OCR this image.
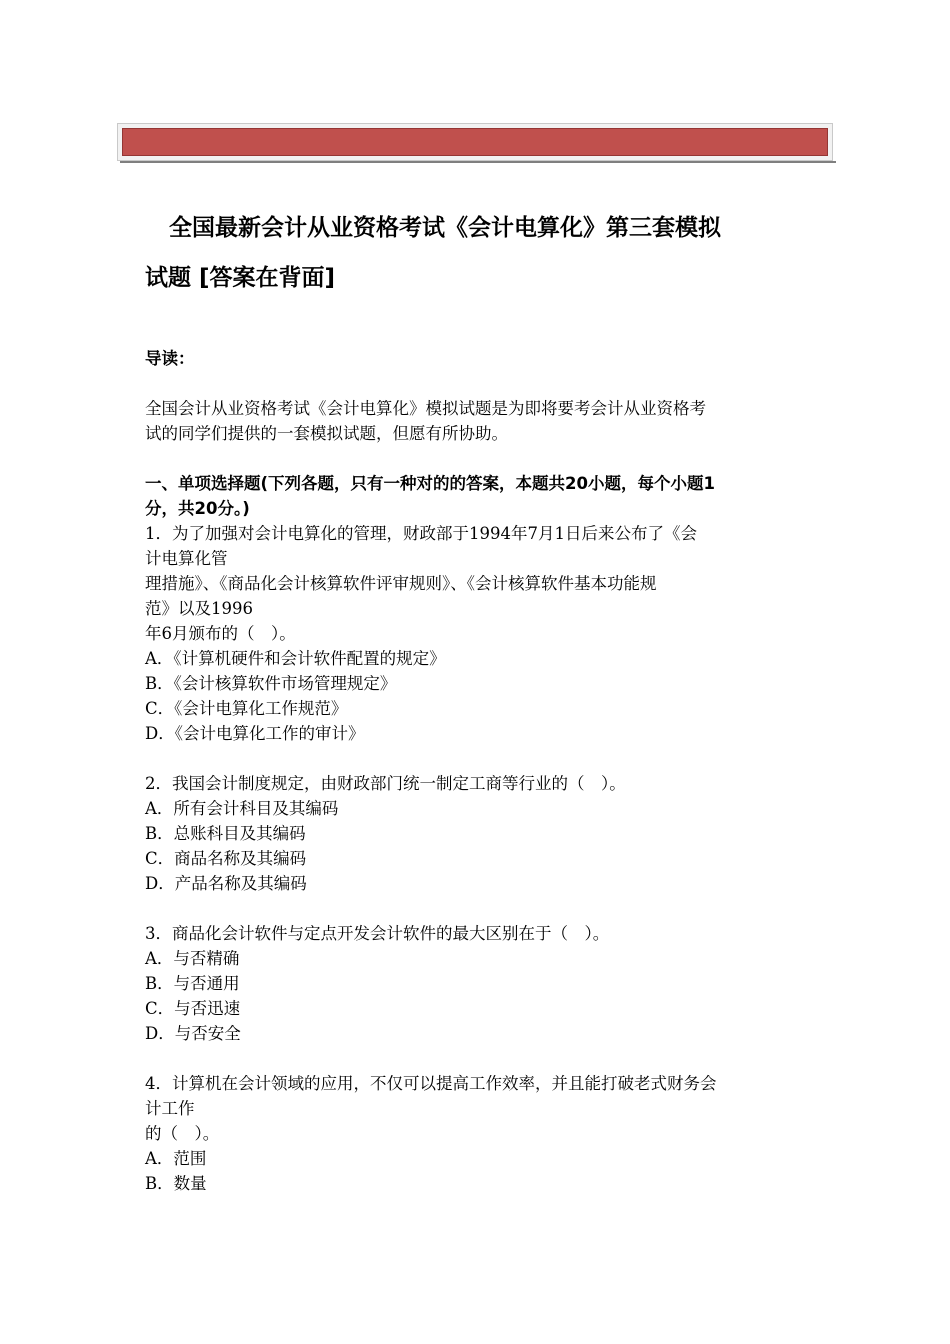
全国最新会计从业资格考试《会计电算化》第三套模拟
试题 [答案在背面]
导读：
全国会计从业资格考试《会计电算化》模拟试题是为即将要考会计从业资格考
试的同学们提供的一套模拟试题，但愿有所协助。
一、单项选择题(下列各题，只有一种对的的答案，本题共20小题，每个小题1
分，共20分。)
1．为了加强对会计电算化的管理，财政部于1994年7月1日后来公布了《会
计电算化管
理措施》、《商品化会计核算软件评审规则》、《会计核算软件基本功能规
范》以及1996
年6月颁布的（　）。
A．《计算机硬件和会计软件配置的规定》
B．《会计核算软件市场管理规定》
C．《会计电算化工作规范》
D．《会计电算化工作的审计》
2．我国会计制度规定，由财政部门统一制定工商等行业的（　）。
A．所有会计科目及其编码
B．总账科目及其编码
C．商品名称及其编码
D．产品名称及其编码
3．商品化会计软件与定点开发会计软件的最大区别在于（　）。
A．与否精确
B．与否通用
C．与否迅速
D．与否安全
4．计算机在会计领域的应用，不仅可以提高工作效率，并且能打破老式财务会
计工作
的（　）。
A．范围
B．数量
